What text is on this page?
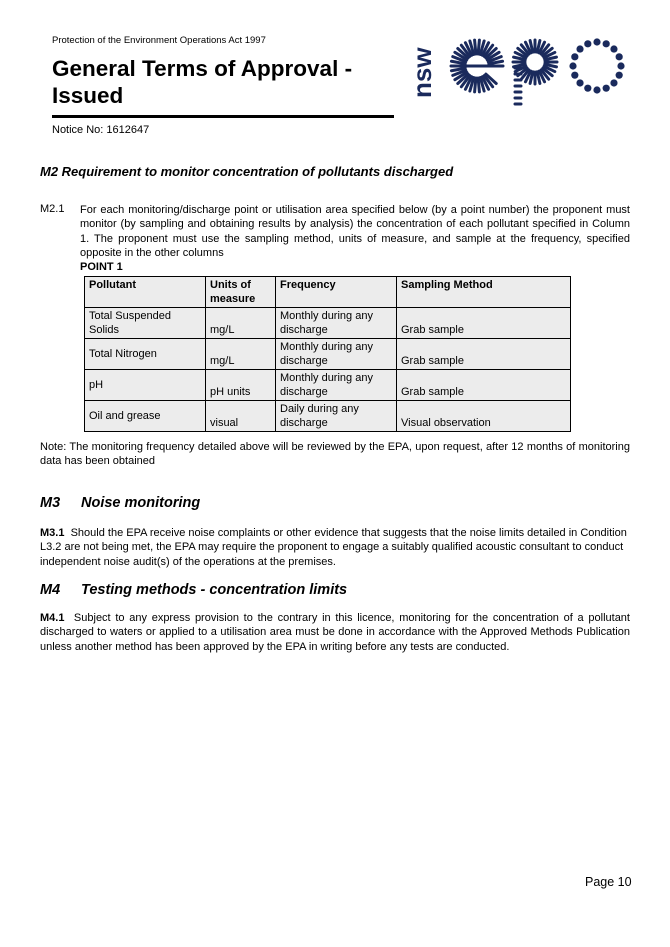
Protection of the Environment Operations Act 1997
General Terms of Approval - Issued
Notice No: 1612647
nsw
M2 Requirement to monitor concentration of pollutants discharged
M2.1 For each monitoring/discharge point or utilisation area specified below (by a point number) the proponent must monitor (by sampling and obtaining results by analysis) the concentration of each pollutant specified in Column 1. The proponent must use the sampling method, units of measure, and sample at the frequency, specified opposite in the other columns
POINT 1
Pollutant	Units of measure	Frequency	Sampling Method
Total Suspended Solids	mg/L	Monthly during any discharge	Grab sample
Total Nitrogen	mg/L	Monthly during any discharge	Grab sample
pH	pH units	Monthly during any discharge	Grab sample
Oil and grease	visual	Daily during any discharge	Visual observation
Note: The monitoring frequency detailed above will be reviewed by the EPA, upon request, after 12 months of monitoring data has been obtained
M3 Noise monitoring
M3.1 Should the EPA receive noise complaints or other evidence that suggests that the noise limits detailed in Condition L3.2 are not being met, the EPA may require the proponent to engage a suitably qualified acoustic consultant to conduct independent noise audit(s) of the operations at the premises.
M4 Testing methods - concentration limits
M4.1 Subject to any express provision to the contrary in this licence, monitoring for the concentration of a pollutant discharged to waters or applied to a utilisation area must be done in accordance with the Approved Methods Publication unless another method has been approved by the EPA in writing before any tests are conducted.
Page 10
